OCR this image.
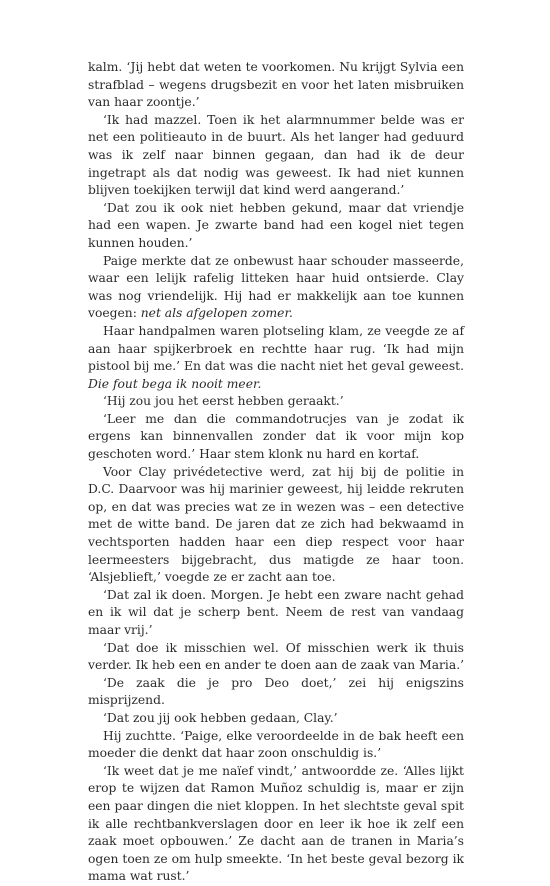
kalm. ‘Jij hebt dat weten te voorkomen. Nu krijgt Sylvia een strafblad – wegens drugsbezit en voor het laten misbruiken van haar zoontje.’

‘Ik had mazzel. Toen ik het alarmnummer belde was er net een politieauto in de buurt. Als het langer had geduurd was ik zelf naar binnen gegaan, dan had ik de deur ingetrapt als dat nodig was geweest. Ik had niet kunnen blijven toekijken terwijl dat kind werd aangerand.’

‘Dat zou ik ook niet hebben gekund, maar dat vriendje had een wapen. Je zwarte band had een kogel niet tegen kunnen houden.’

Paige merkte dat ze onbewust haar schouder masseerde, waar een lelijk rafelig litteken haar huid ontsierde. Clay was nog vriendelijk. Hij had er makkelijk aan toe kunnen voegen: net als afgelopen zomer.

Haar handpalmen waren plotseling klam, ze veegde ze af aan haar spijkerbroek en rechtte haar rug. ‘Ik had mijn pistool bij me.’ En dat was die nacht niet het geval geweest. Die fout bega ik nooit meer.

‘Hij zou jou het eerst hebben geraakt.’

‘Leer me dan die commandotrucjes van je zodat ik ergens kan binnenvallen zonder dat ik voor mijn kop geschoten word.’ Haar stem klonk nu hard en kortaf.

Voor Clay privédetective werd, zat hij bij de politie in D.C. Daarvoor was hij marinier geweest, hij leidde rekruten op, en dat was precies wat ze in wezen was – een detective met de witte band. De jaren dat ze zich had bekwaamd in vechtsporten hadden haar een diep respect voor haar leermeesters bijgebracht, dus matigde ze haar toon. ‘Alsjeblieft,’ voegde ze er zacht aan toe.

‘Dat zal ik doen. Morgen. Je hebt een zware nacht gehad en ik wil dat je scherp bent. Neem de rest van vandaag maar vrij.’

‘Dat doe ik misschien wel. Of misschien werk ik thuis verder. Ik heb een en ander te doen aan de zaak van Maria.’

‘De zaak die je pro Deo doet,’ zei hij enigszins misprijzend.

‘Dat zou jij ook hebben gedaan, Clay.’

Hij zuchtte. ‘Paige, elke veroordeelde in de bak heeft een moeder die denkt dat haar zoon onschuldig is.’

‘Ik weet dat je me naïef vindt,’ antwoordde ze. ‘Alles lijkt erop te wijzen dat Ramon Muñoz schuldig is, maar er zijn een paar dingen die niet kloppen. In het slechtste geval spit ik alle rechtbankverslagen door en leer ik hoe ik zelf een zaak moet opbouwen.’ Ze dacht aan de tranen in Maria’s ogen toen ze om hulp smeekte. ‘In het beste geval bezorg ik mama wat rust.’
